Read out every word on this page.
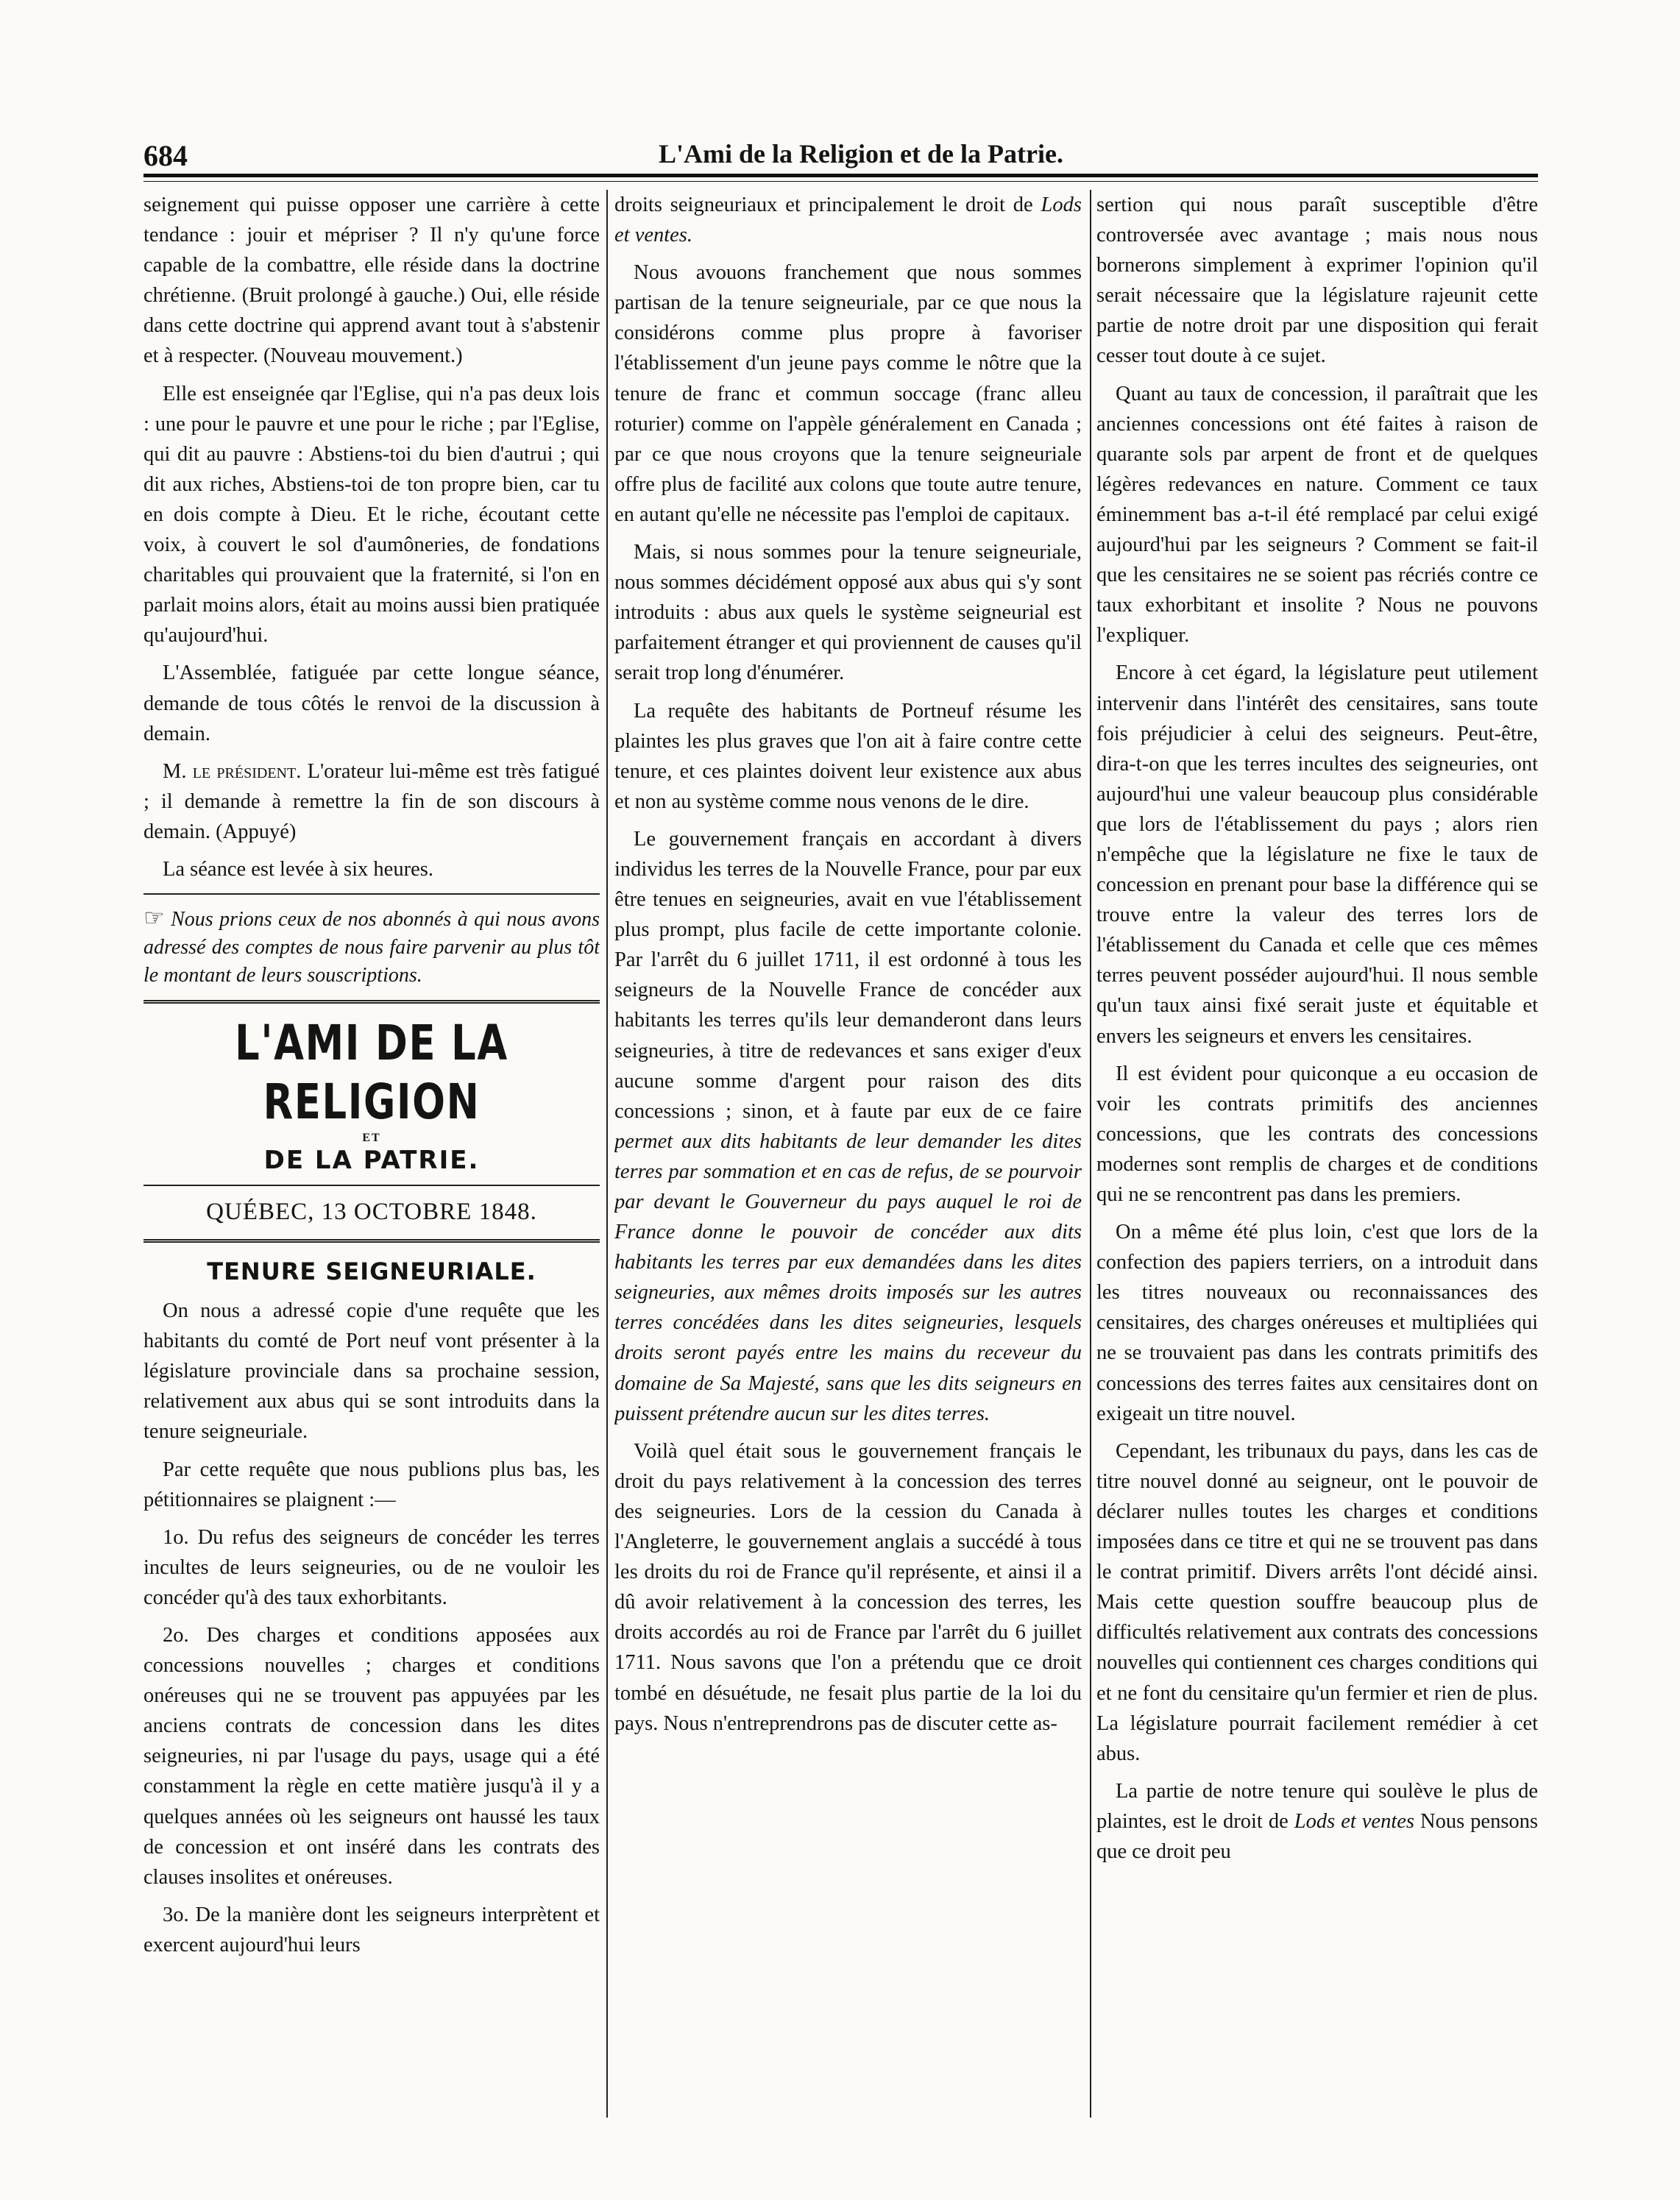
684	L'Ami de la Religion et de la Patrie.

seignement qui puisse opposer une carrière à cette tendance : jouir et mépriser ? Il n'y qu'une force capable de la combattre, elle réside dans la doctrine chrétienne. (Bruit prolongé à gauche.) Oui, elle réside dans cette doctrine qui apprend avant tout à s'abstenir et à respecter. (Nouveau mouvement.)

Elle est enseignée qar l'Eglise, qui n'a pas deux lois : une pour le pauvre et une pour le riche ; par l'Eglise, qui dit au pauvre : Abstiens-toi du bien d'autrui ; qui dit aux riches, Abstiens-toi de ton propre bien, car tu en dois compte à Dieu. Et le riche, écoutant cette voix, à couvert le sol d'aumôneries, de fondations charitables qui prouvaient que la fraternité, si l'on en parlait moins alors, était au moins aussi bien pratiquée qu'aujourd'hui.

L'Assemblée, fatiguée par cette longue séance, demande de tous côtés le renvoi de la discussion à demain.

M. le président. L'orateur lui-même est très fatigué ; il demande à remettre la fin de son discours à demain. (Appuyé)

La séance est levée à six heures.

☞ Nous prions ceux de nos abonnés à qui nous avons adressé des comptes de nous faire parvenir au plus tôt le montant de leurs souscriptions.
L'AMI DE LA RELIGION
ET
DE LA PATRIE.
QUÉBEC, 13 OCTOBRE 1848.
TENURE SEIGNEURIALE.

On nous a adressé copie d'une requête que les habitants du comté de Port neuf vont présenter à la législature provinciale dans sa prochaine session, relativement aux abus qui se sont introduits dans la tenure seigneuriale.

Par cette requête que nous publions plus bas, les pétitionnaires se plaignent :—

1o. Du refus des seigneurs de concéder les terres incultes de leurs seigneuries, ou de ne vouloir les concéder qu'à des taux exhorbitants.

2o. Des charges et conditions apposées aux concessions nouvelles ; charges et conditions onéreuses qui ne se trouvent pas appuyées par les anciens contrats de concession dans les dites seigneuries, ni par l'usage du pays, usage qui a été constamment la règle en cette matière jusqu'à il y a quelques années où les seigneurs ont haussé les taux de concession et ont inséré dans les contrats des clauses insolites et onéreuses.

3o. De la manière dont les seigneurs interprètent et exercent aujourd'hui leurs

droits seigneuriaux et principalement le droit de Lods et ventes.

Nous avouons franchement que nous sommes partisan de la tenure seigneuriale, par ce que nous la considérons comme plus propre à favoriser l'établissement d'un jeune pays comme le nôtre que la tenure de franc et commun soccage (franc alleu roturier) comme on l'appèle généralement en Canada ; par ce que nous croyons que la tenure seigneuriale offre plus de facilité aux colons que toute autre tenure, en autant qu'elle ne nécessite pas l'emploi de capitaux.

Mais, si nous sommes pour la tenure seigneuriale, nous sommes décidément opposé aux abus qui s'y sont introduits : abus aux quels le système seigneurial est parfaitement étranger et qui proviennent de causes qu'il serait trop long d'énumérer.

La requête des habitants de Portneuf résume les plaintes les plus graves que l'on ait à faire contre cette tenure, et ces plaintes doivent leur existence aux abus et non au système comme nous venons de le dire.

Le gouvernement français en accordant à divers individus les terres de la Nouvelle France, pour par eux être tenues en seigneuries, avait en vue l'établissement plus prompt, plus facile de cette importante colonie. Par l'arrêt du 6 juillet 1711, il est ordonné à tous les seigneurs de la Nouvelle France de concéder aux habitants les terres qu'ils leur demanderont dans leurs seigneuries, à titre de redevances et sans exiger d'eux aucune somme d'argent pour raison des dits concessions ; sinon, et à faute par eux de ce faire permet aux dits habitants de leur demander les dites terres par sommation et en cas de refus, de se pourvoir par devant le Gouverneur du pays auquel le roi de France donne le pouvoir de concéder aux dits habitants les terres par eux demandées dans les dites seigneuries, aux mêmes droits imposés sur les autres terres concédées dans les dites seigneuries, lesquels droits seront payés entre les mains du receveur du domaine de Sa Majesté, sans que les dits seigneurs en puissent prétendre aucun sur les dites terres.

Voilà quel était sous le gouvernement français le droit du pays relativement à la concession des terres des seigneuries. Lors de la cession du Canada à l'Angleterre, le gouvernement anglais a succédé à tous les droits du roi de France qu'il représente, et ainsi il a dû avoir relativement à la concession des terres, les droits accordés au roi de France par l'arrêt du 6 juillet 1711. Nous savons que l'on a prétendu que ce droit tombé en désuétude, ne fesait plus partie de la loi du pays. Nous n'entreprendrons pas de discuter cette as-

sertion qui nous paraît susceptible d'être controversée avec avantage ; mais nous nous bornerons simplement à exprimer l'opinion qu'il serait nécessaire que la législature rajeunit cette partie de notre droit par une disposition qui ferait cesser tout doute à ce sujet.

Quant au taux de concession, il paraîtrait que les anciennes concessions ont été faites à raison de quarante sols par arpent de front et de quelques légères redevances en nature. Comment ce taux éminemment bas a-t-il été remplacé par celui exigé aujourd'hui par les seigneurs ? Comment se fait-il que les censitaires ne se soient pas récriés contre ce taux exhorbitant et insolite ? Nous ne pouvons l'expliquer.

Encore à cet égard, la législature peut utilement intervenir dans l'intérêt des censitaires, sans toute fois préjudicier à celui des seigneurs. Peut-être, dira-t-on que les terres incultes des seigneuries, ont aujourd'hui une valeur beaucoup plus considérable que lors de l'établissement du pays ; alors rien n'empêche que la législature ne fixe le taux de concession en prenant pour base la différence qui se trouve entre la valeur des terres lors de l'établissement du Canada et celle que ces mêmes terres peuvent posséder aujourd'hui. Il nous semble qu'un taux ainsi fixé serait juste et équitable et envers les seigneurs et envers les censitaires.

Il est évident pour quiconque a eu occasion de voir les contrats primitifs des anciennes concessions, que les contrats des concessions modernes sont remplis de charges et de conditions qui ne se rencontrent pas dans les premiers.

On a même été plus loin, c'est que lors de la confection des papiers terriers, on a introduit dans les titres nouveaux ou reconnaissances des censitaires, des charges onéreuses et multipliées qui ne se trouvaient pas dans les contrats primitifs des concessions des terres faites aux censitaires dont on exigeait un titre nouvel.

Cependant, les tribunaux du pays, dans les cas de titre nouvel donné au seigneur, ont le pouvoir de déclarer nulles toutes les charges et conditions imposées dans ce titre et qui ne se trouvent pas dans le contrat primitif. Divers arrêts l'ont décidé ainsi. Mais cette question souffre beaucoup plus de difficultés relativement aux contrats des concessions nouvelles qui contiennent ces charges conditions qui et ne font du censitaire qu'un fermier et rien de plus. La législature pourrait facilement remédier à cet abus.

La partie de notre tenure qui soulève le plus de plaintes, est le droit de Lods et ventes Nous pensons que ce droit peu
